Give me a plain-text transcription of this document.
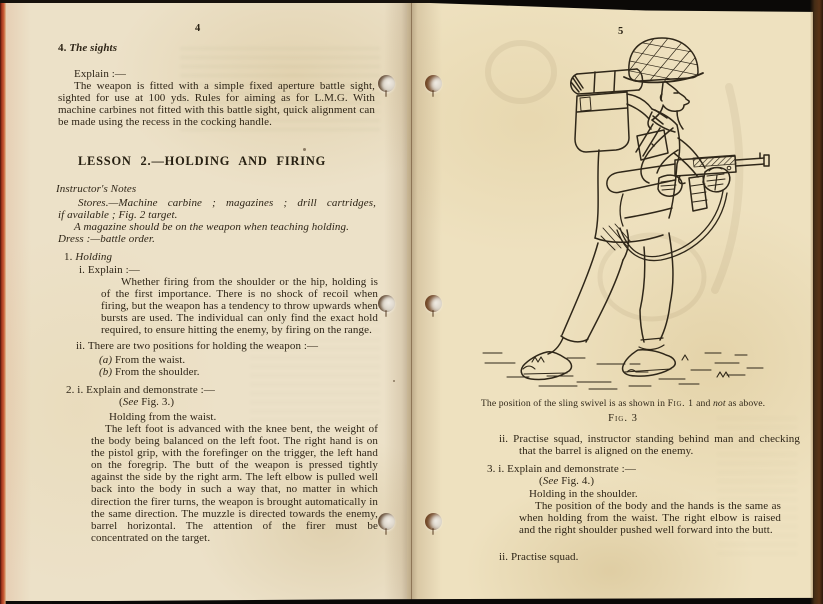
4
4. The sights
Explain :—
The weapon is fitted with a simple fixed aperture battle sight, sighted for use at 100 yds. Rules for aiming as for L.M.G. With machine carbines not fitted with this battle sight, quick alignment can be made using the recess in the cocking handle.
LESSON 2.—HOLDING AND FIRING
Instructor's Notes
Stores.—Machine carbine ; magazines ; drill cartridges,
if available ; Fig. 2 target.
A magazine should be on the weapon when teaching holding.
Dress :—battle order.
1. Holding
i. Explain :—
Whether firing from the shoulder or the hip, holding is of the first importance. There is no shock of recoil when firing, but the weapon has a tendency to throw upwards when bursts are used. The individual can only find the exact hold required, to ensure hitting the enemy, by firing on the range.
ii. There are two positions for holding the weapon :—
(a) From the waist.
(b) From the shoulder.
2. i. Explain and demonstrate :—
(See Fig. 3.)
Holding from the waist.
The left foot is advanced with the knee bent, the weight of the body being balanced on the left foot. The right hand is on the pistol grip, with the forefinger on the trigger, the left hand on the foregrip. The butt of the weapon is pressed tightly against the side by the right arm. The left elbow is pulled well back into the body in such a way that, no matter in which direction the firer turns, the weapon is brought automatically in the same direction. The muzzle is directed towards the enemy, barrel horizontal. The attention of the firer must be concentrated on the target.
5
The position of the sling swivel is as shown in Fig. 1 and not as above.
Fig. 3
ii. Practise squad, instructor standing behind man and checking that the barrel is aligned on the enemy.
3. i. Explain and demonstrate :—
(See Fig. 4.)
Holding in the shoulder.
The position of the body and the hands is the same as when holding from the waist. The right elbow is raised and the right shoulder pushed well forward into the butt.
ii. Practise squad.
